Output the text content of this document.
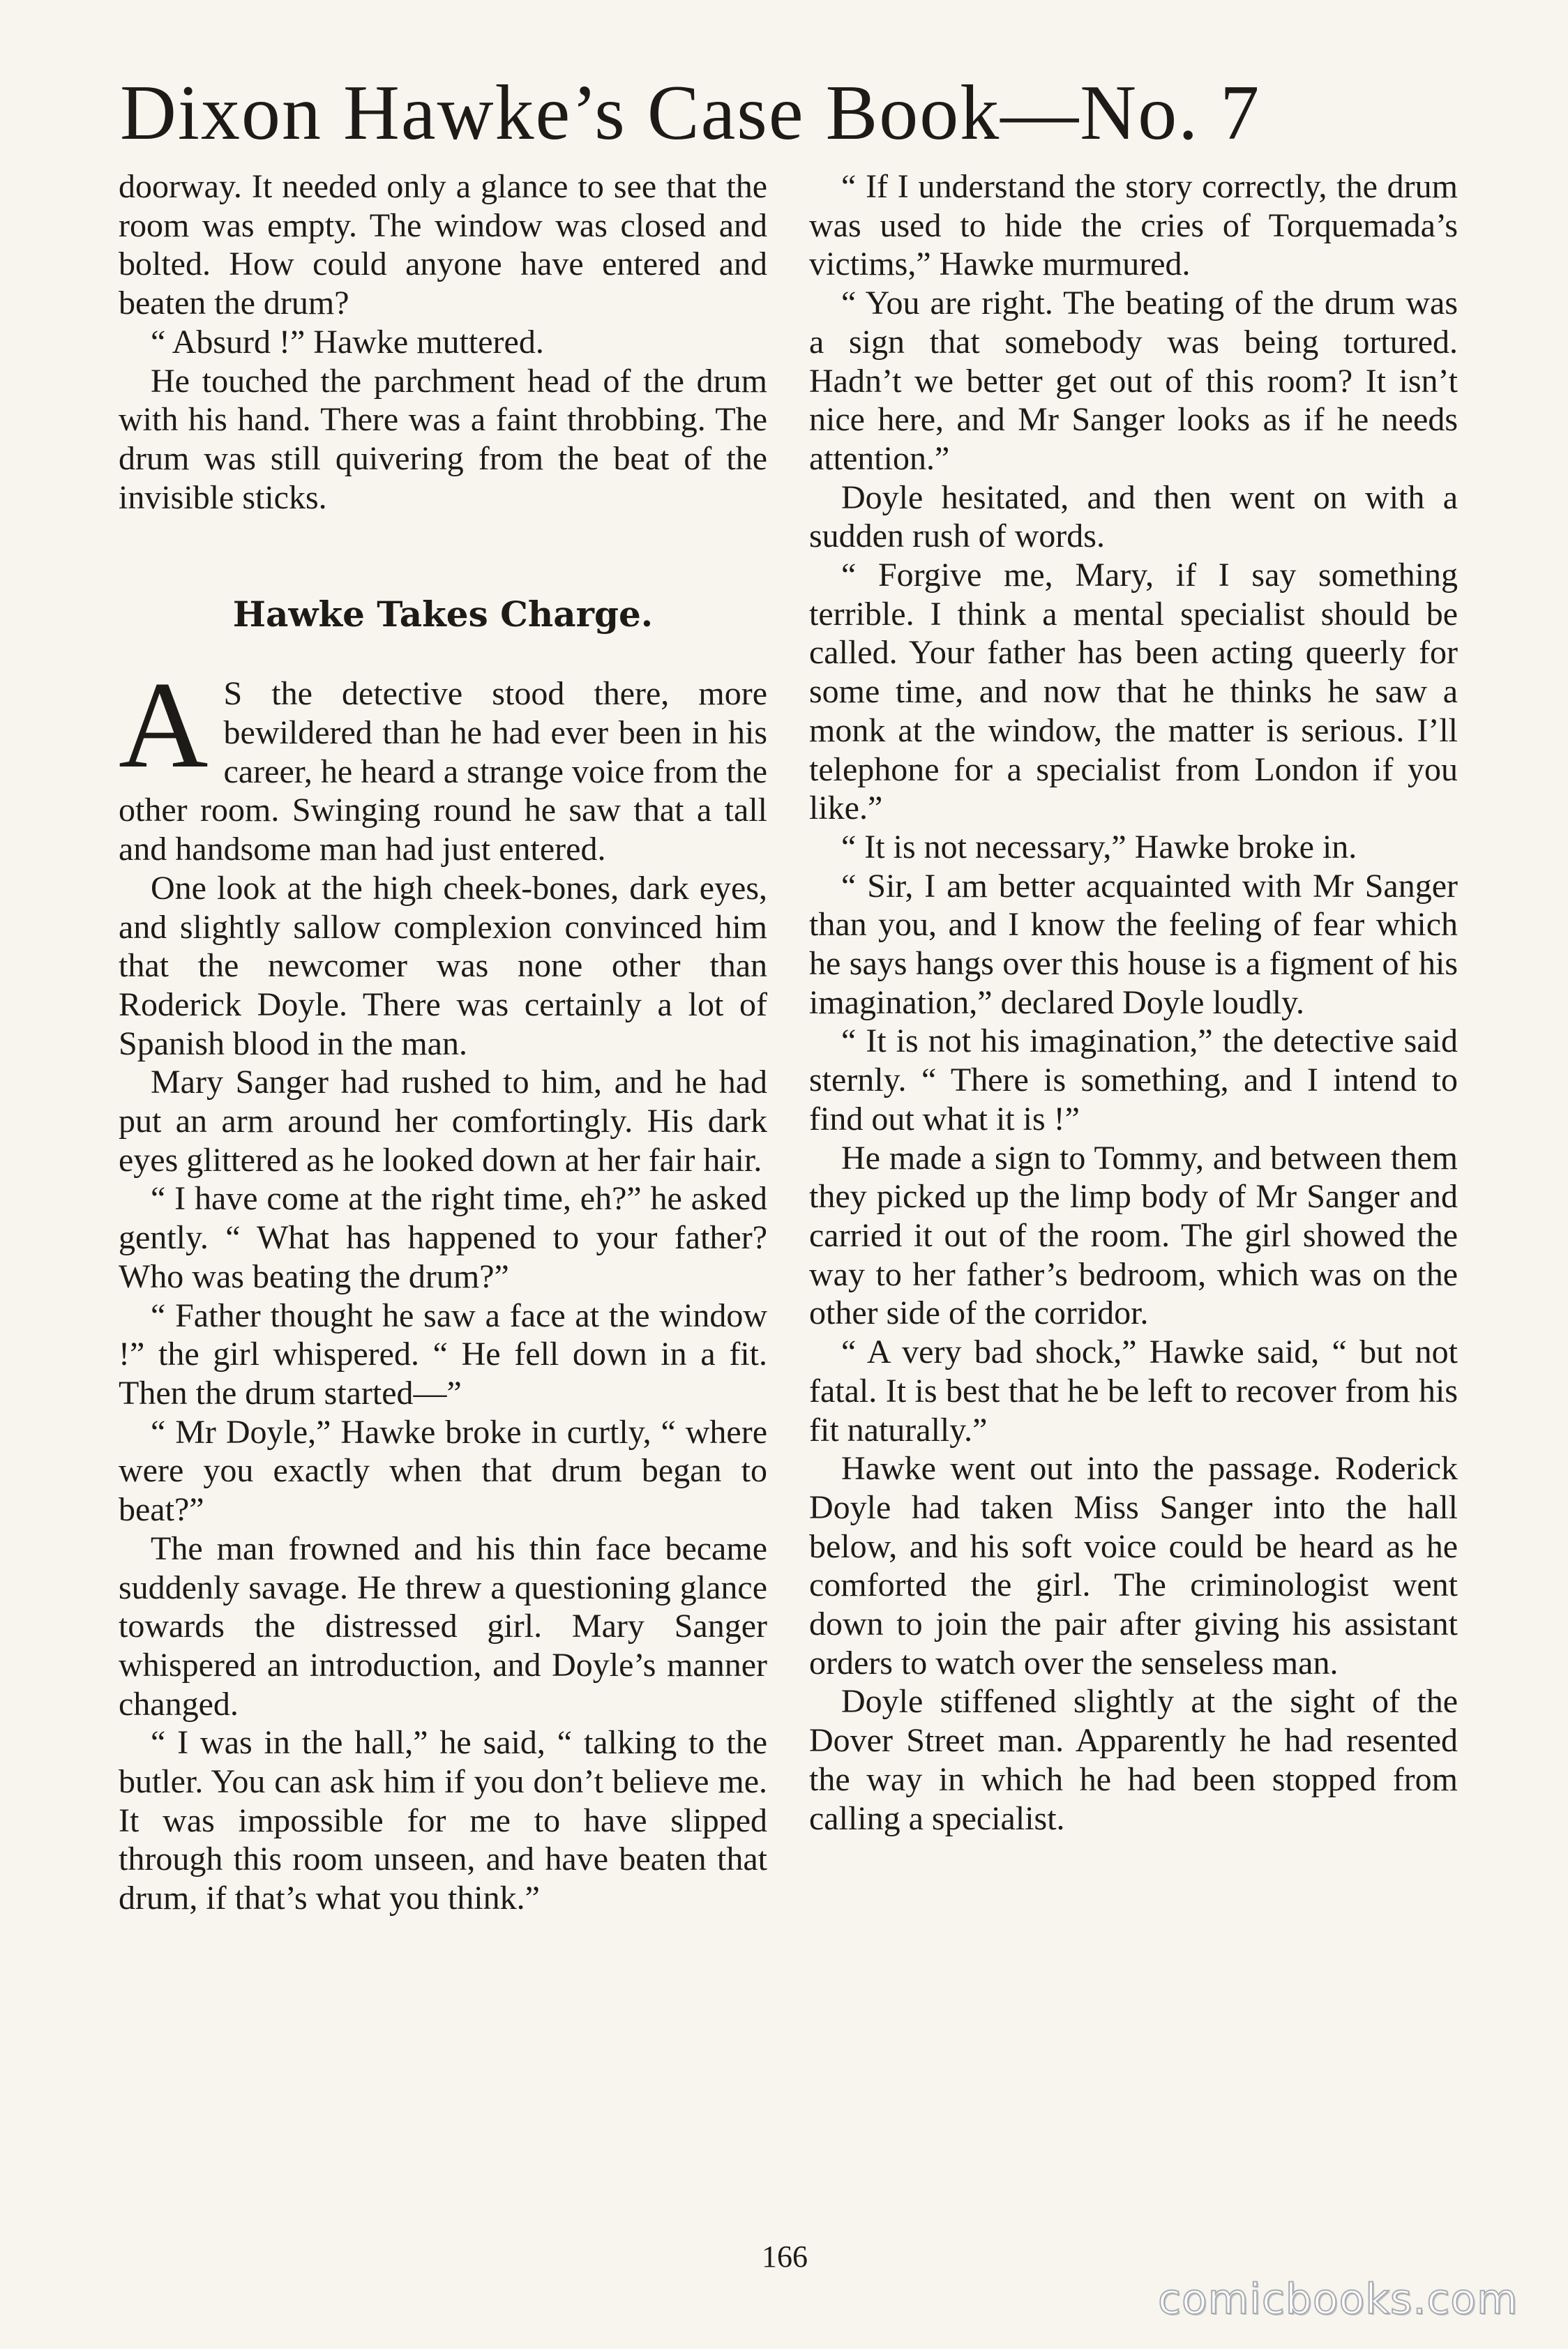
Dixon Hawke’s Case Book—No. 7

doorway. It needed only a glance to see that the room was empty. The window was closed and bolted. How could anyone have entered and beaten the drum?

“ Absurd !” Hawke muttered.

He touched the parchment head of the drum with his hand. There was a faint throbbing. The drum was still quivering from the beat of the invisible sticks.

Hawke Takes Charge.

A S the detective stood there, more bewildered than he had ever been in his career, he heard a strange voice from the other room. Swinging round he saw that a tall and handsome man had just entered.

One look at the high cheek-bones, dark eyes, and slightly sallow complexion convinced him that the newcomer was none other than Roderick Doyle. There was certainly a lot of Spanish blood in the man.

Mary Sanger had rushed to him, and he had put an arm around her comfortingly. His dark eyes glittered as he looked down at her fair hair.

“ I have come at the right time, eh?” he asked gently. “ What has happened to your father? Who was beating the drum?”

“ Father thought he saw a face at the window !” the girl whispered. “ He fell down in a fit. Then the drum started—”

“ Mr Doyle,” Hawke broke in curtly, “ where were you exactly when that drum began to beat?”

The man frowned and his thin face became suddenly savage. He threw a questioning glance towards the distressed girl. Mary Sanger whispered an introduction, and Doyle’s manner changed.

“ I was in the hall,” he said, “ talking to the butler. You can ask him if you don’t believe me. It was impossible for me to have slipped through this room unseen, and have beaten that drum, if that’s what you think.”

“ If I understand the story correctly, the drum was used to hide the cries of Torquemada’s victims,” Hawke murmured.

“ You are right. The beating of the drum was a sign that somebody was being tortured. Hadn’t we better get out of this room? It isn’t nice here, and Mr Sanger looks as if he needs attention.”

Doyle hesitated, and then went on with a sudden rush of words.

“ Forgive me, Mary, if I say something terrible. I think a mental specialist should be called. Your father has been acting queerly for some time, and now that he thinks he saw a monk at the window, the matter is serious. I’ll telephone for a specialist from London if you like.”

“ It is not necessary,” Hawke broke in.

“ Sir, I am better acquainted with Mr Sanger than you, and I know the feeling of fear which he says hangs over this house is a figment of his imagination,” declared Doyle loudly.

“ It is not his imagination,” the detective said sternly. “ There is something, and I intend to find out what it is !”

He made a sign to Tommy, and between them they picked up the limp body of Mr Sanger and carried it out of the room. The girl showed the way to her father’s bedroom, which was on the other side of the corridor.

“ A very bad shock,” Hawke said, “ but not fatal. It is best that he be left to recover from his fit naturally.”

Hawke went out into the passage. Roderick Doyle had taken Miss Sanger into the hall below, and his soft voice could be heard as he comforted the girl. The criminologist went down to join the pair after giving his assistant orders to watch over the senseless man.

Doyle stiffened slightly at the sight of the Dover Street man. Apparently he had resented the way in which he had been stopped from calling a specialist.

166
comicbooks.com
